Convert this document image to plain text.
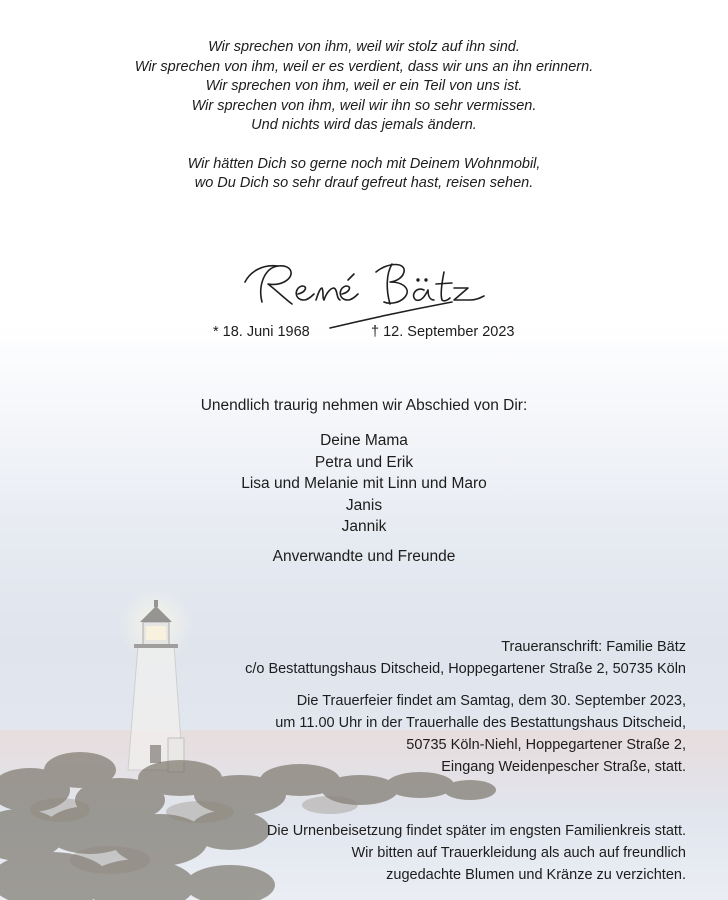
Wir sprechen von ihm, weil wir stolz auf ihn sind.
Wir sprechen von ihm, weil er es verdient, dass wir uns an ihn erinnern.
Wir sprechen von ihm, weil er ein Teil von uns ist.
Wir sprechen von ihm, weil wir ihn so sehr vermissen.
Und nichts wird das jemals ändern.
Wir hätten Dich so gerne noch mit Deinem Wohnmobil,
wo Du Dich so sehr drauf gefreut hast, reisen sehen.
* 18. Juni 1968	† 12. September 2023
Unendlich traurig nehmen wir Abschied von Dir:
Deine Mama
Petra und Erik
Lisa und Melanie mit Linn und Maro
Janis
Jannik
Anverwandte und Freunde
Traueranschrift: Familie Bätz
c/o Bestattungshaus Ditscheid, Hoppegartener Straße 2, 50735 Köln
Die Trauerfeier findet am Samtag, dem 30. September 2023,
um 11.00 Uhr in der Trauerhalle des Bestattungshaus Ditscheid,
50735 Köln-Niehl, Hoppegartener Straße 2,
Eingang Weidenpescher Straße, statt.
Die Urnenbeisetzung findet später im engsten Familienkreis statt.
Wir bitten auf Trauerkleidung als auch auf freundlich
zugedachte Blumen und Kränze zu verzichten.
